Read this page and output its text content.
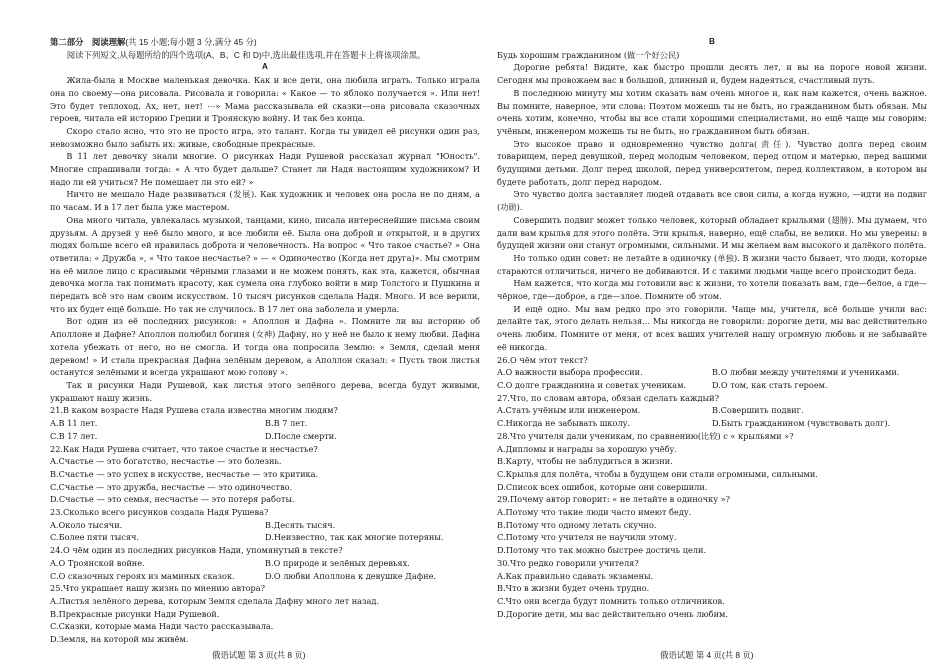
第二部分　阅读理解(共 15 小题;每小题 3 分,满分 45 分)

阅读下列短文,从每题所给的四个选项(A、B、C 和 D)中,选出最佳选项,并在答题卡上将该项涂黑。

A

Жила-была в Москве маленькая девочка. Как и все дети, она любила играть. Только играла она по своему—она рисовала. Рисовала и говорила: « Какое — то яблоко получается ». Или нет! Это будет теплоход. Ах, нет, нет! ⋯» Мама рассказывала ей сказки—она рисовала сказочных героев, читала ей историю Греции и Троянскую войну. И так без конца.

Скоро стало ясно, что это не просто игра, это талант. Когда ты увидел её рисунки один раз, невозможно было забыть их: живые, свободные прекрасные.

В 11 лет девочку знали многие. О рисунках Нади Рушевой рассказал журнал "Юность". Многие спрашивали тогда: « А что будет дальше? Станет ли Надя настоящим художником? И надо ли ей учиться? Не помешает ли это ей? »

Ничто не мешало Наде развиваться (发展). Как художник и человек она росла не по дням, а по часам. И в 17 лет была уже мастером.

Она много читала, увлекалась музыкой, танцами, кино, писала интереснейшие письма своим друзьям. А друзей у неё было много, и все любили её. Была она доброй и открытой, и в других людях больше всего ей нравилась доброта и человечность. На вопрос « Что такое счастье? » Она ответила: « Дружба », « Что такое несчастье? » — « Одиночество (Когда нет друга)». Мы смотрим на её милое лицо с красивыми чёрными глазами и не можем понять, как эта, кажется, обычная девочка могла так понимать красоту, как сумела она глубоко войти в мир Толстого и Пушкина и передать всё это нам своим искусством. 10 тысяч рисунков сделала Надя. Много. И все верили, что их будет ещё больше. Но так не случилось. В 17 лет она заболела и умерла.

Вот один из её последних рисунков: « Аполлон и Дафна ». Помните ли вы историю об Аполлоне и Дафне? Аполлон полюбил богиня (女神) Дафну, но у неё не было к нему любви. Дафна хотела убежать от него, но не смогла. И тогда она попросила Землю: « Земля, сделай меня деревом! » И стала прекрасная Дафна зелёным деревом, а Аполлон сказал: « Пусть твои листья останутся зелёными и всегда украшают мою голову ».

Так и рисунки Нади Рушевой, как листья этого зелёного дерева, всегда будут живыми, украшают нашу жизнь.

21.В каком возрасте Надя Рушева стала известна многим людям?

A.В 11 лет.	B.В 7 лет.
C.В 17 лет.	D.После смерти.

22.Как Нади Рушева считает, что такое счастье и несчастье?

A.Счастье — это богатство, несчастье — это болезнь.

B.Счастье — это успех в искусстве, несчастье — это критика.

C.Счастье — это дружба, несчастье — это одиночество.

D.Счастье — это семья, несчастье — это потеря работы.

23.Сколько всего рисунков создала Надя Рушева?

A.Около тысячи.	B.Десять тысяч.
C.Более пяти тысяч.	D.Неизвестно, так как многие потеряны.

24.О чём один из последних рисунков Нади, упомянутый в тексте?

A.О Троянской войне.	B.О природе и зелёных деревьях.
C.О сказочных героях из маминых сказок.	D.О любви Аполлона к девушке Дафне.

25.Что украшает нашу жизнь по мнению автора?

A.Листья зелёного дерева, которым Земля сделала Дафну много лет назад.

B.Прекрасные рисунки Нади Рушевой.

C.Сказки, которые мама Нади часто рассказывала.

D.Земля, на которой мы живём.

B

Будь хорошим гражданином (做一个好公民)

Дорогие ребята! Видите, как быстро прошли десять лет, и вы на пороге новой жизни. Сегодня мы провожаем вас в большой, длинный и, будем надеяться, счастливый путь.

В последнюю минуту мы хотим сказать вам очень многое и, как нам кажется, очень важное. Вы помните, наверное, эти слова: Поэтом можешь ты не быть, но гражданином быть обязан. Мы очень хотим, конечно, чтобы вы все стали хорошими специалистами, но ещё чаще мы говорим: учёным, инженером можешь ты не быть, но гражданином быть обязан.

Это высокое право и одновременно чувство долга(责任). Чувство долга перед своим товарищем, перед девушкой, перед молодым человеком, перед отцом и матерью, перед вашими будущими детьми. Долг перед школой, перед университетом, перед коллективом, в котором вы будете работать, долг перед народом.

Это чувство долга заставляет людей отдавать все свои силы, а когда нужно, —идти на подвиг (功勋).

Совершить подвиг может только человек, который обладает крыльями (翅膀). Мы думаем, что дали вам крылья для этого полёта. Эти крылья, наверно, ещё слабы, не велики. Но мы уверены: в будущей жизни они станут огромными, сильными. И мы желаем вам высокого и далёкого полёта.

Но только один совет: не летайте в одиночку (单独). В жизни часто бывает, что люди, которые стараются отличиться, ничего не добиваются. И с такими людьми чаще всего происходит беда.

Нам кажется, что когда мы готовили вас к жизни, то хотели показать вам, где—белое, а где—чёрное, где—доброе, а где—злое. Помните об этом.

И ещё одно. Мы вам редко про это говорили. Чаще мы, учителя, всё больше учили вас: делайте так, этого делать нельзя... Мы никогда не говорили: дорогие дети, мы вас действительно очень любим. Помните от меня, от всех ваших учителей нашу огромную любовь и не забывайте её никогда.

26.О чём этот текст?

A.О важности выбора профессии.	B.О любви между учителями и учениками.
C.О долге гражданина и советах ученикам.	D.О том, как стать героем.

27.Что, по словам автора, обязан сделать каждый?

A.Стать учёным или инженером.	B.Совершить подвиг.
C.Никогда не забывать школу.	D.Быть гражданином (чувствовать долг).

28.Что учителя дали ученикам, по сравнению(比较) с « крыльями »?

A.Дипломы и награды за хорошую учёбу.

B.Карту, чтобы не заблудиться в жизни.

C.Крылья для полёта, чтобы в будущем они стали огромными, сильными.

D.Список всех ошибок, которые они совершили.

29.Почему автор говорит: « не летайте в одиночку »?

A.Потому что такие люди часто имеют беду.

B.Потому что одному летать скучно.

C.Потому что учителя не научили этому.

D.Потому что так можно быстрее достичь цели.

30.Что редко говорили учителя?

A.Как правильно сдавать экзамены.

B.Что в жизни будет очень трудно.

C.Что они всегда будут помнить только отличников.

D.Дорогие дети, мы вас действительно очень любим.

俄语试题 第 3 页(共 8 页)	俄语试题 第 4 页(共 8 页)
